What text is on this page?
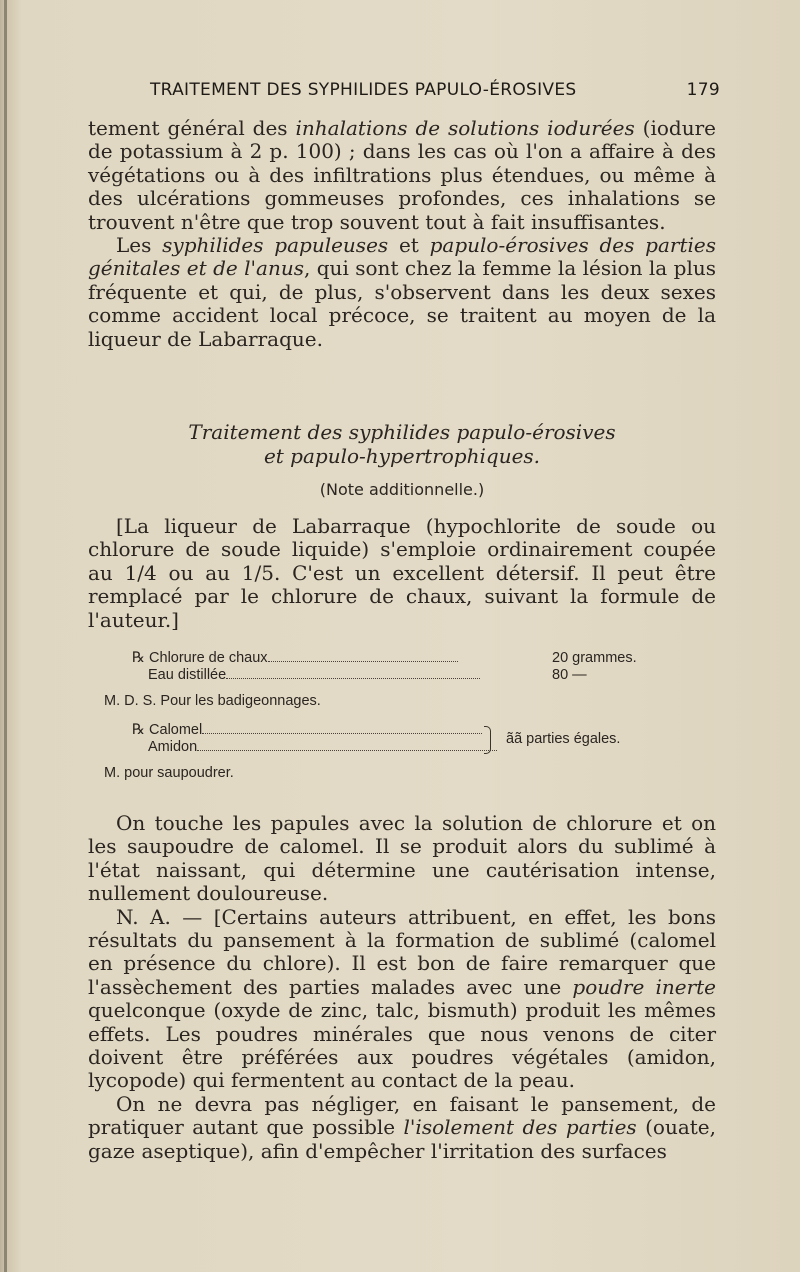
TRAITEMENT DES SYPHILIDES PAPULO-ÉROSIVES	179

tement général des inhalations de solutions iodurées (iodure de potassium à 2 p. 100) ; dans les cas où l'on a affaire à des végétations ou à des infiltrations plus étendues, ou même à des ulcérations gommeuses profondes, ces inhalations se trouvent n'être que trop souvent tout à fait insuffisantes.

Les syphilides papuleuses et papulo-érosives des parties génitales et de l'anus, qui sont chez la femme la lésion la plus fréquente et qui, de plus, s'observent dans les deux sexes comme accident local précoce, se traitent au moyen de la liqueur de Labarraque.

Traitement des syphilides papulo-érosives
et papulo-hypertrophiques.
(Note additionnelle.)

[La liqueur de Labarraque (hypochlorite de soude ou chlorure de soude liquide) s'emploie ordinairement coupée au 1/4 ou au 1/5. C'est un excellent détersif. Il peut être remplacé par le chlorure de chaux, suivant la formule de l'auteur.]

℞ Chlorure de chaux	20 grammes.
Eau distillée	80 —
M. D. S. Pour les badigeonnages.
℞ Calomel
Amidon	ãã parties égales.
M. pour saupoudrer.

On touche les papules avec la solution de chlorure et on les saupoudre de calomel. Il se produit alors du sublimé à l'état naissant, qui détermine une cautérisation intense, nullement douloureuse.

N. A. — [Certains auteurs attribuent, en effet, les bons résultats du pansement à la formation de sublimé (calomel en présence du chlore). Il est bon de faire remarquer que l'assèchement des parties malades avec une poudre inerte quelconque (oxyde de zinc, talc, bismuth) produit les mêmes effets. Les poudres minérales que nous venons de citer doivent être préférées aux poudres végétales (amidon, lycopode) qui fermentent au contact de la peau.

On ne devra pas négliger, en faisant le pansement, de pratiquer autant que possible l'isolement des parties (ouate, gaze aseptique), afin d'empêcher l'irritation des surfaces
